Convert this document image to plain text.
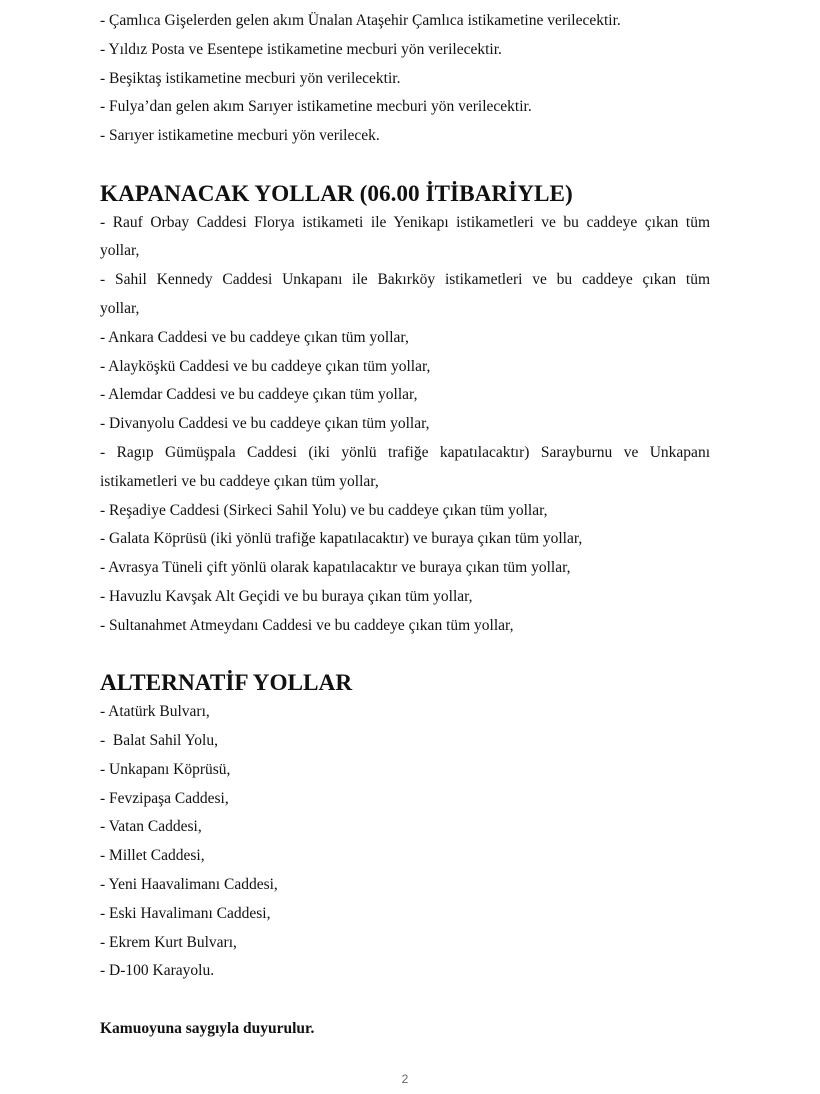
- Çamlıca Gişelerden gelen akım Ünalan Ataşehir Çamlıca istikametine verilecektir.

- Yıldız Posta ve Esentepe istikametine mecburi yön verilecektir.

- Beşiktaş istikametine mecburi yön verilecektir.

- Fulya’dan gelen akım Sarıyer istikametine mecburi yön verilecektir.

- Sarıyer istikametine mecburi yön verilecek.

KAPANACAK YOLLAR (06.00 İTİBARİYLE)

- Rauf Orbay Caddesi Florya istikameti ile Yenikapı istikametleri ve bu caddeye çıkan tüm

yollar,

- Sahil Kennedy Caddesi Unkapanı ile Bakırköy istikametleri ve bu caddeye çıkan tüm

yollar,

- Ankara Caddesi ve bu caddeye çıkan tüm yollar,

- Alayköşkü Caddesi ve bu caddeye çıkan tüm yollar,

- Alemdar Caddesi ve bu caddeye çıkan tüm yollar,

- Divanyolu Caddesi ve bu caddeye çıkan tüm yollar,

- Ragıp Gümüşpala Caddesi (iki yönlü trafiğe kapatılacaktır) Sarayburnu ve Unkapanı

istikametleri ve bu caddeye çıkan tüm yollar,

- Reşadiye Caddesi (Sirkeci Sahil Yolu) ve bu caddeye çıkan tüm yollar,

- Galata Köprüsü (iki yönlü trafiğe kapatılacaktır) ve buraya çıkan tüm yollar,

- Avrasya Tüneli çift yönlü olarak kapatılacaktır ve buraya çıkan tüm yollar,

- Havuzlu Kavşak Alt Geçidi ve bu buraya çıkan tüm yollar,

- Sultanahmet Atmeydanı Caddesi ve bu caddeye çıkan tüm yollar,

ALTERNATİF YOLLAR

- Atatürk Bulvarı,

-  Balat Sahil Yolu,

- Unkapanı Köprüsü,

- Fevzipaşa Caddesi,

- Vatan Caddesi,

- Millet Caddesi,

- Yeni Haavalimanı Caddesi,

- Eski Havalimanı Caddesi,

- Ekrem Kurt Bulvarı,

- D-100 Karayolu.

Kamuoyuna saygıyla duyurulur.

2
